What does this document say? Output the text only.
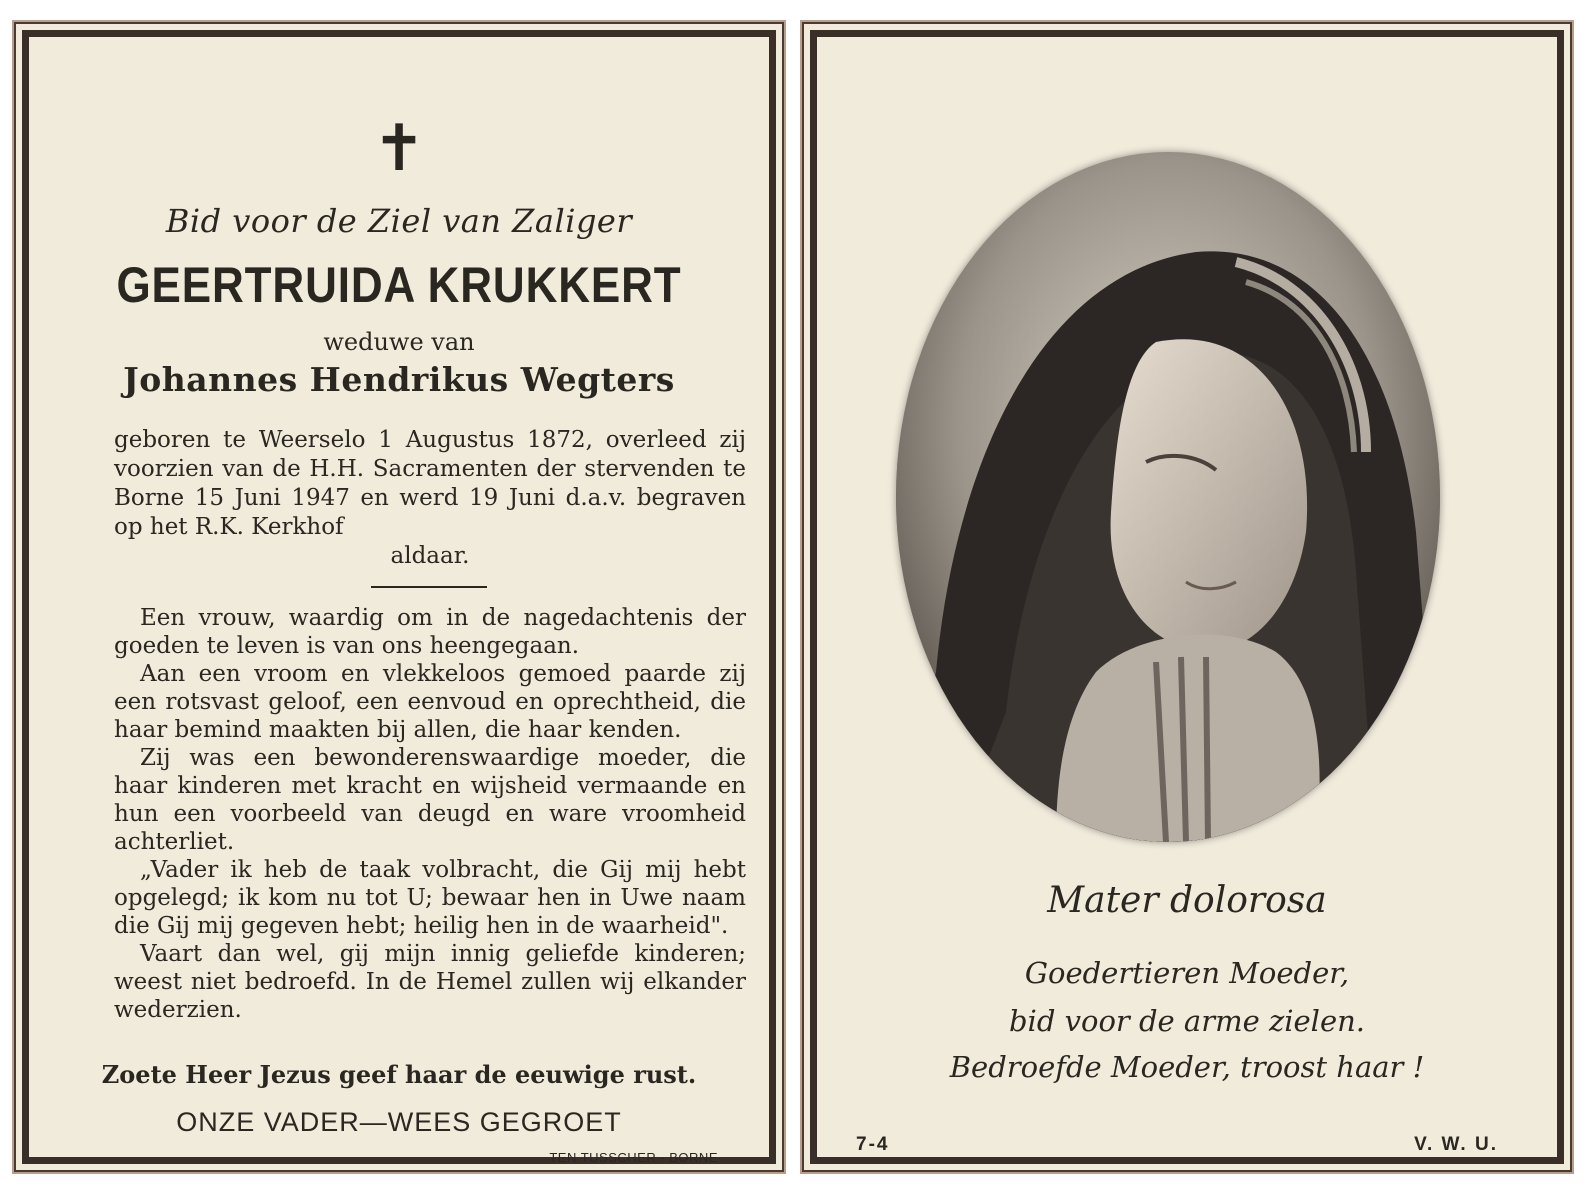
✝
Bid voor de Ziel van Zaliger
GEERTRUIDA KRUKKERT
weduwe van
Johannes Hendrikus Wegters
geboren te Weerselo 1 Augustus 1872, overleed zij voorzien van de H.H. Sacramenten der stervenden te Borne 15 Juni 1947 en werd 19 Juni d.a.v. begraven op het R.K. Kerkhof
aldaar.

Een vrouw, waardig om in de nagedachtenis der goeden te leven is van ons heengegaan.

Aan een vroom en vlekkeloos gemoed paarde zij een rotsvast geloof, een eenvoud en oprechtheid, die haar bemind maakten bij allen, die haar kenden.

Zij was een bewonderenswaardige moeder, die haar kinderen met kracht en wijsheid vermaande en hun een voorbeeld van deugd en ware vroomheid achterliet.

„Vader ik heb de taak volbracht, die Gij mij hebt opgelegd; ik kom nu tot U; bewaar hen in Uwe naam die Gij mij gegeven hebt; heilig hen in de waarheid".

Vaart dan wel, gij mijn innig geliefde kinderen; weest niet bedroefd. In de Hemel zullen wij elkander wederzien.

Zoete Heer Jezus geef haar de eeuwige rust.
ONZE VADER—WEES GEGROET
TEN TUSSCHER - BORNE
Mater dolorosa
Goedertieren Moeder,
bid voor de arme zielen.
Bedroefde Moeder, troost haar !
7-4	V. W. U.
